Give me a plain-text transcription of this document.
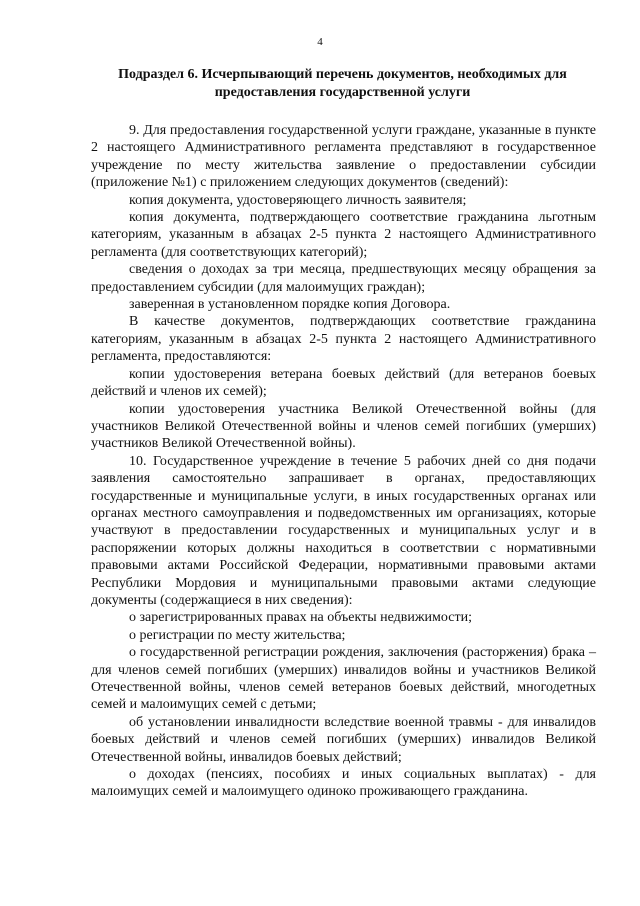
4
Подраздел 6. Исчерпывающий перечень документов, необходимых для
предоставления государственной услуги

9. Для предоставления государственной услуги граждане, указанные в пункте 2 настоящего Административного регламента представляют в государственное учреждение по месту жительства заявление о предоставлении субсидии (приложение №1) с приложением следующих документов (сведений):

копия документа, удостоверяющего личность заявителя;

копия документа, подтверждающего соответствие гражданина льготным категориям, указанным в абзацах 2-5 пункта 2 настоящего Административного регламента (для соответствующих категорий);

сведения о доходах за три месяца, предшествующих месяцу обращения за предоставлением субсидии (для малоимущих граждан);

заверенная в установленном порядке копия Договора.

В качестве документов, подтверждающих соответствие гражданина категориям, указанным в абзацах 2-5 пункта 2 настоящего Административного регламента, предоставляются:

копии удостоверения ветерана боевых действий (для ветеранов боевых действий и членов их семей);

копии удостоверения участника Великой Отечественной войны (для участников Великой Отечественной войны и членов семей погибших (умерших) участников Великой Отечественной войны).

10. Государственное учреждение в течение 5 рабочих дней со дня подачи заявления самостоятельно запрашивает в органах, предоставляющих государственные и муниципальные услуги, в иных государственных органах или органах местного самоуправления и подведомственных им организациях, которые участвуют в предоставлении государственных и муниципальных услуг и в распоряжении которых должны находиться в соответствии с нормативными правовыми актами Российской Федерации, нормативными правовыми актами Республики Мордовия и муниципальными правовыми актами следующие документы (содержащиеся в них сведения):

о зарегистрированных правах на объекты недвижимости;

о регистрации по месту жительства;

о государственной регистрации рождения, заключения (расторжения) брака – для членов семей погибших (умерших) инвалидов войны и участников Великой Отечественной войны, членов семей ветеранов боевых действий, многодетных семей и малоимущих семей с детьми;

об установлении инвалидности вследствие военной травмы - для инвалидов боевых действий и членов семей погибших (умерших) инвалидов Великой Отечественной войны, инвалидов боевых действий;

о доходах (пенсиях, пособиях и иных социальных выплатах) - для малоимущих семей и малоимущего одиноко проживающего гражданина.
